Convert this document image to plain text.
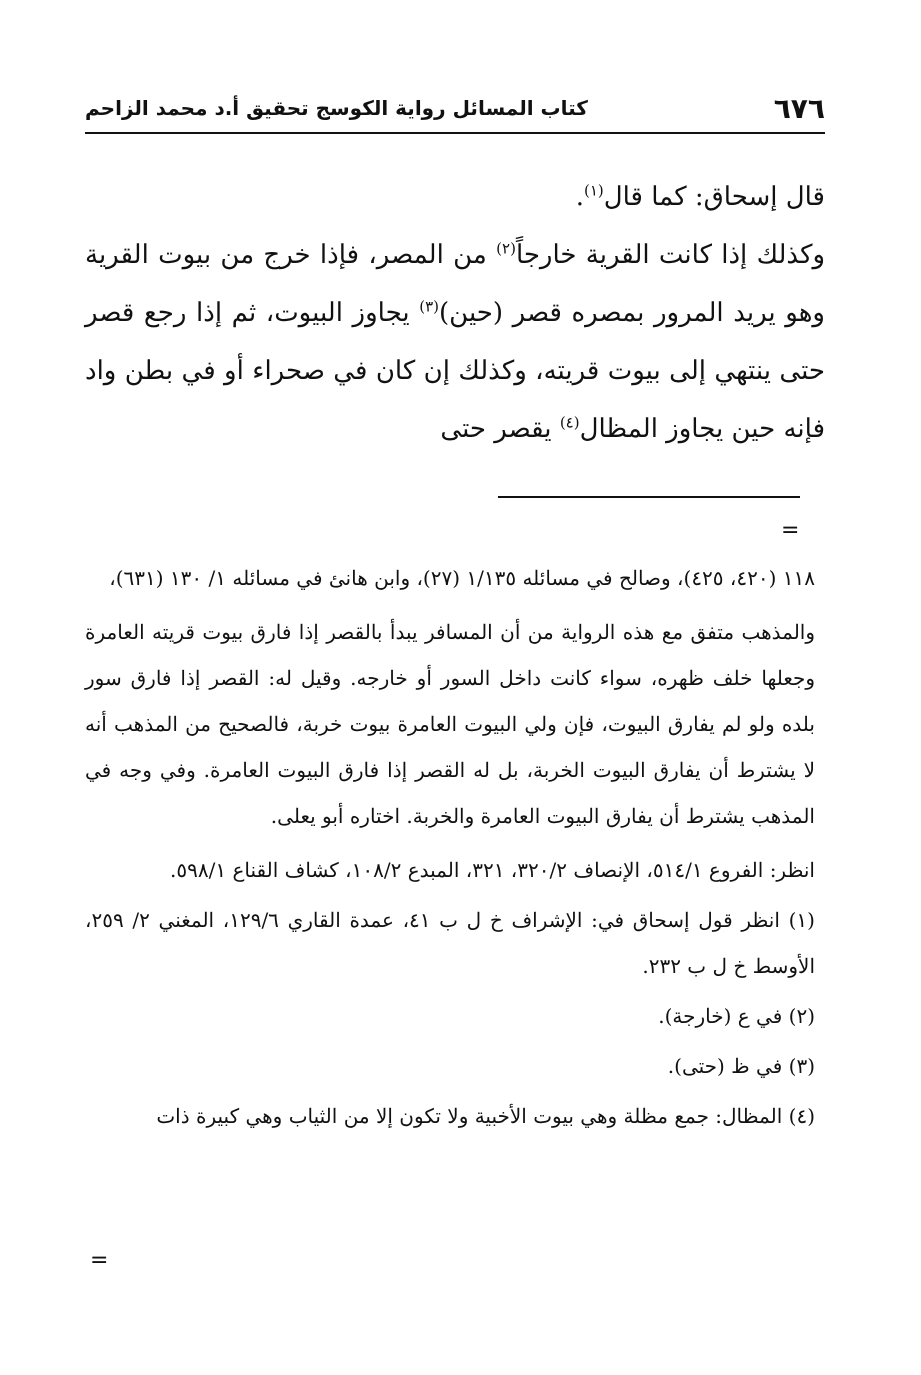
٦٧٦
كتاب المسائل رواية الكوسج تحقيق أ.د محمد الزاحم

قال إسحاق: كما قال$^{(١)}$.

وكذلك إذا كانت القرية خارجاً$^{(٢)}$ من المصر، فإذا خرج من بيوت القرية وهو يريد المرور بمصره قصر (حين)$^{(٣)}$ يجاوز البيوت، ثم إذا رجع قصر حتى ينتهي إلى بيوت قريته، وكذلك إن كان في صحراء أو في بطن واد فإنه حين يجاوز المظال$^{(٤)}$ يقصر حتى

=

١١٨ (٤٢٠، ٤٢٥)، وصالح في مسائله ١/١٣٥ (٢٧)، وابن هانئ في مسائله ١/ ١٣٠ (٦٣١)،

والمذهب متفق مع هذه الرواية من أن المسافر يبدأ بالقصر إذا فارق بيوت قريته العامرة وجعلها خلف ظهره، سواء كانت داخل السور أو خارجه. وقيل له: القصر إذا فارق سور بلده ولو لم يفارق البيوت، فإن ولي البيوت العامرة بيوت خربة، فالصحيح من المذهب أنه لا يشترط أن يفارق البيوت الخربة، بل له القصر إذا فارق البيوت العامرة. وفي وجه في المذهب يشترط أن يفارق البيوت العامرة والخربة. اختاره أبو يعلى.

انظر: الفروع ٥١٤/١، الإنصاف ٣٢٠/٢، ٣٢١، المبدع ١٠٨/٢، كشاف القناع ٥٩٨/١.

(١) انظر قول إسحاق في: الإشراف خ ل ب ٤١، عمدة القاري ١٢٩/٦، المغني ٢/ ٢٥٩، الأوسط خ ل ب ٢٣٢.

(٢) في ع (خارجة).

(٣) في ظ (حتى).

(٤) المظال: جمع مظلة وهي بيوت الأخبية ولا تكون إلا من الثياب وهي كبيرة ذات

=
